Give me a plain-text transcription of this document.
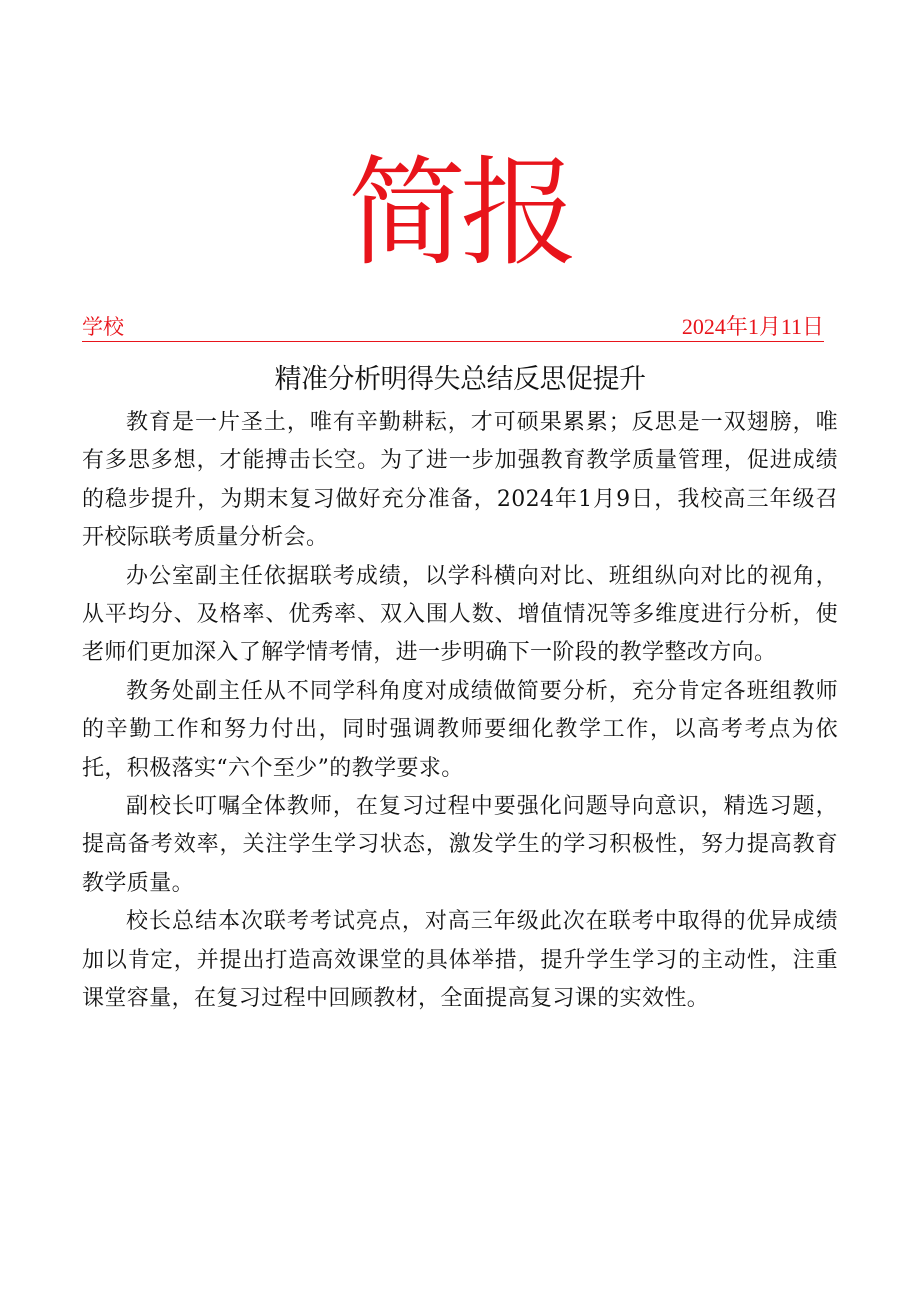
简报
学校	2024年1月11日
精准分析明得失总结反思促提升

教育是一片圣土，唯有辛勤耕耘，才可硕果累累；反思是一双翅膀，唯有多思多想，才能搏击长空。为了进一步加强教育教学质量管理，促进成绩的稳步提升，为期末复习做好充分准备，2024年1月9日，我校高三年级召开校际联考质量分析会。

办公室副主任依据联考成绩，以学科横向对比、班组纵向对比的视角，从平均分、及格率、优秀率、双入围人数、增值情况等多维度进行分析，使老师们更加深入了解学情考情，进一步明确下一阶段的教学整改方向。

教务处副主任从不同学科角度对成绩做简要分析，充分肯定各班组教师的辛勤工作和努力付出，同时强调教师要细化教学工作，以高考考点为依托，积极落实“六个至少”的教学要求。

副校长叮嘱全体教师，在复习过程中要强化问题导向意识，精选习题，提高备考效率，关注学生学习状态，激发学生的学习积极性，努力提高教育教学质量。

校长总结本次联考考试亮点，对高三年级此次在联考中取得的优异成绩加以肯定，并提出打造高效课堂的具体举措，提升学生学习的主动性，注重课堂容量，在复习过程中回顾教材，全面提高复习课的实效性。
